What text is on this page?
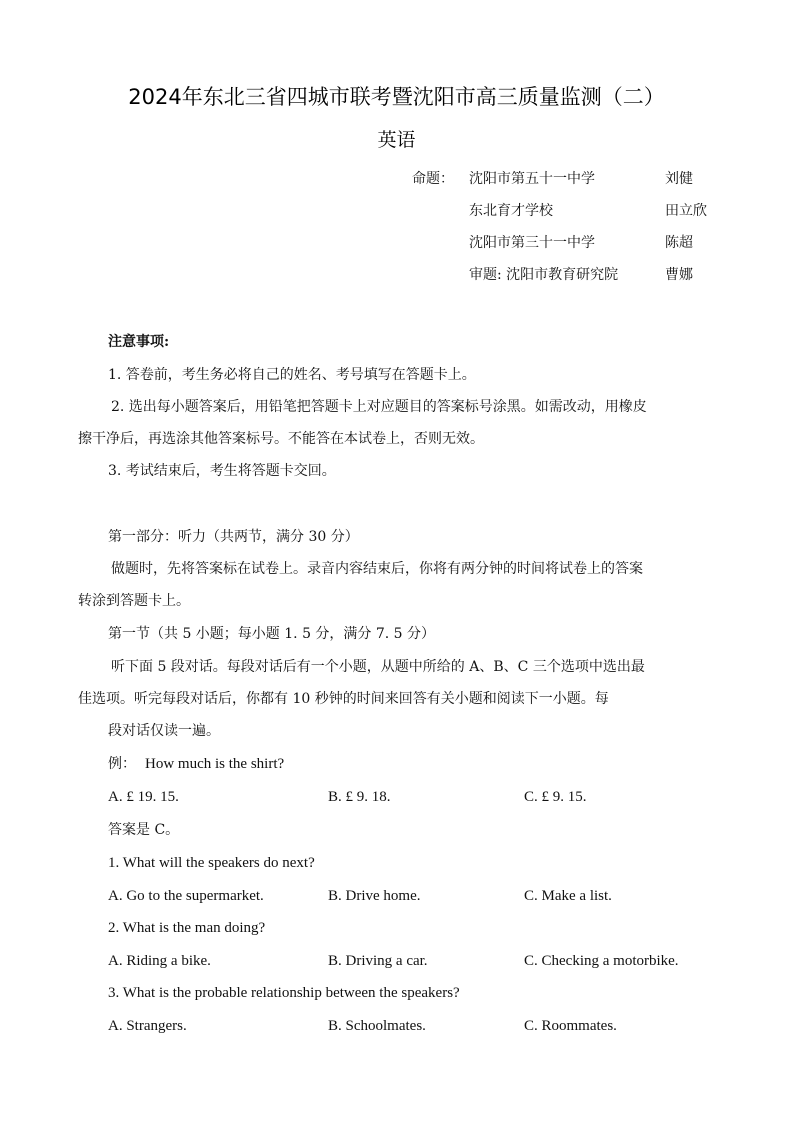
2024年东北三省四城市联考暨沈阳市高三质量监测（二）
英语
命题： 沈阳市第五十一中学	刘健
东北育才学校	田立欣
沈阳市第三十一中学	陈超
审题: 沈阳市教育研究院	曹娜
注意事项:
1. 答卷前，考生务必将自己的姓名、考号填写在答题卡上。
2. 选出每小题答案后，用铅笔把答题卡上对应题目的答案标号涂黑。如需改动，用橡皮
擦干净后，再选涂其他答案标号。不能答在本试卷上，否则无效。
3. 考试结束后，考生将答题卡交回。
第一部分：听力（共两节，满分 30 分）
做题时，先将答案标在试卷上。录音内容结束后，你将有两分钟的时间将试卷上的答案
转涂到答题卡上。
第一节（共 5 小题；每小题 1. 5 分，满分 7. 5 分）
听下面 5 段对话。每段对话后有一个小题，从题中所给的 A、B、C 三个选项中选出最
佳选项。听完每段对话后，你都有 10 秒钟的时间来回答有关小题和阅读下一小题。每
段对话仅读一遍。
例： How much is the shirt?
A. £ 19. 15.	B. £ 9. 18.	C. £ 9. 15.
答案是 C。
1. What will the speakers do next?
A. Go to the supermarket.	B. Drive home.	C. Make a list.
2. What is the man doing?
A. Riding a bike.	B. Driving a car.	C. Checking a motorbike.
3. What is the probable relationship between the speakers?
A. Strangers.	B. Schoolmates.	C. Roommates.
